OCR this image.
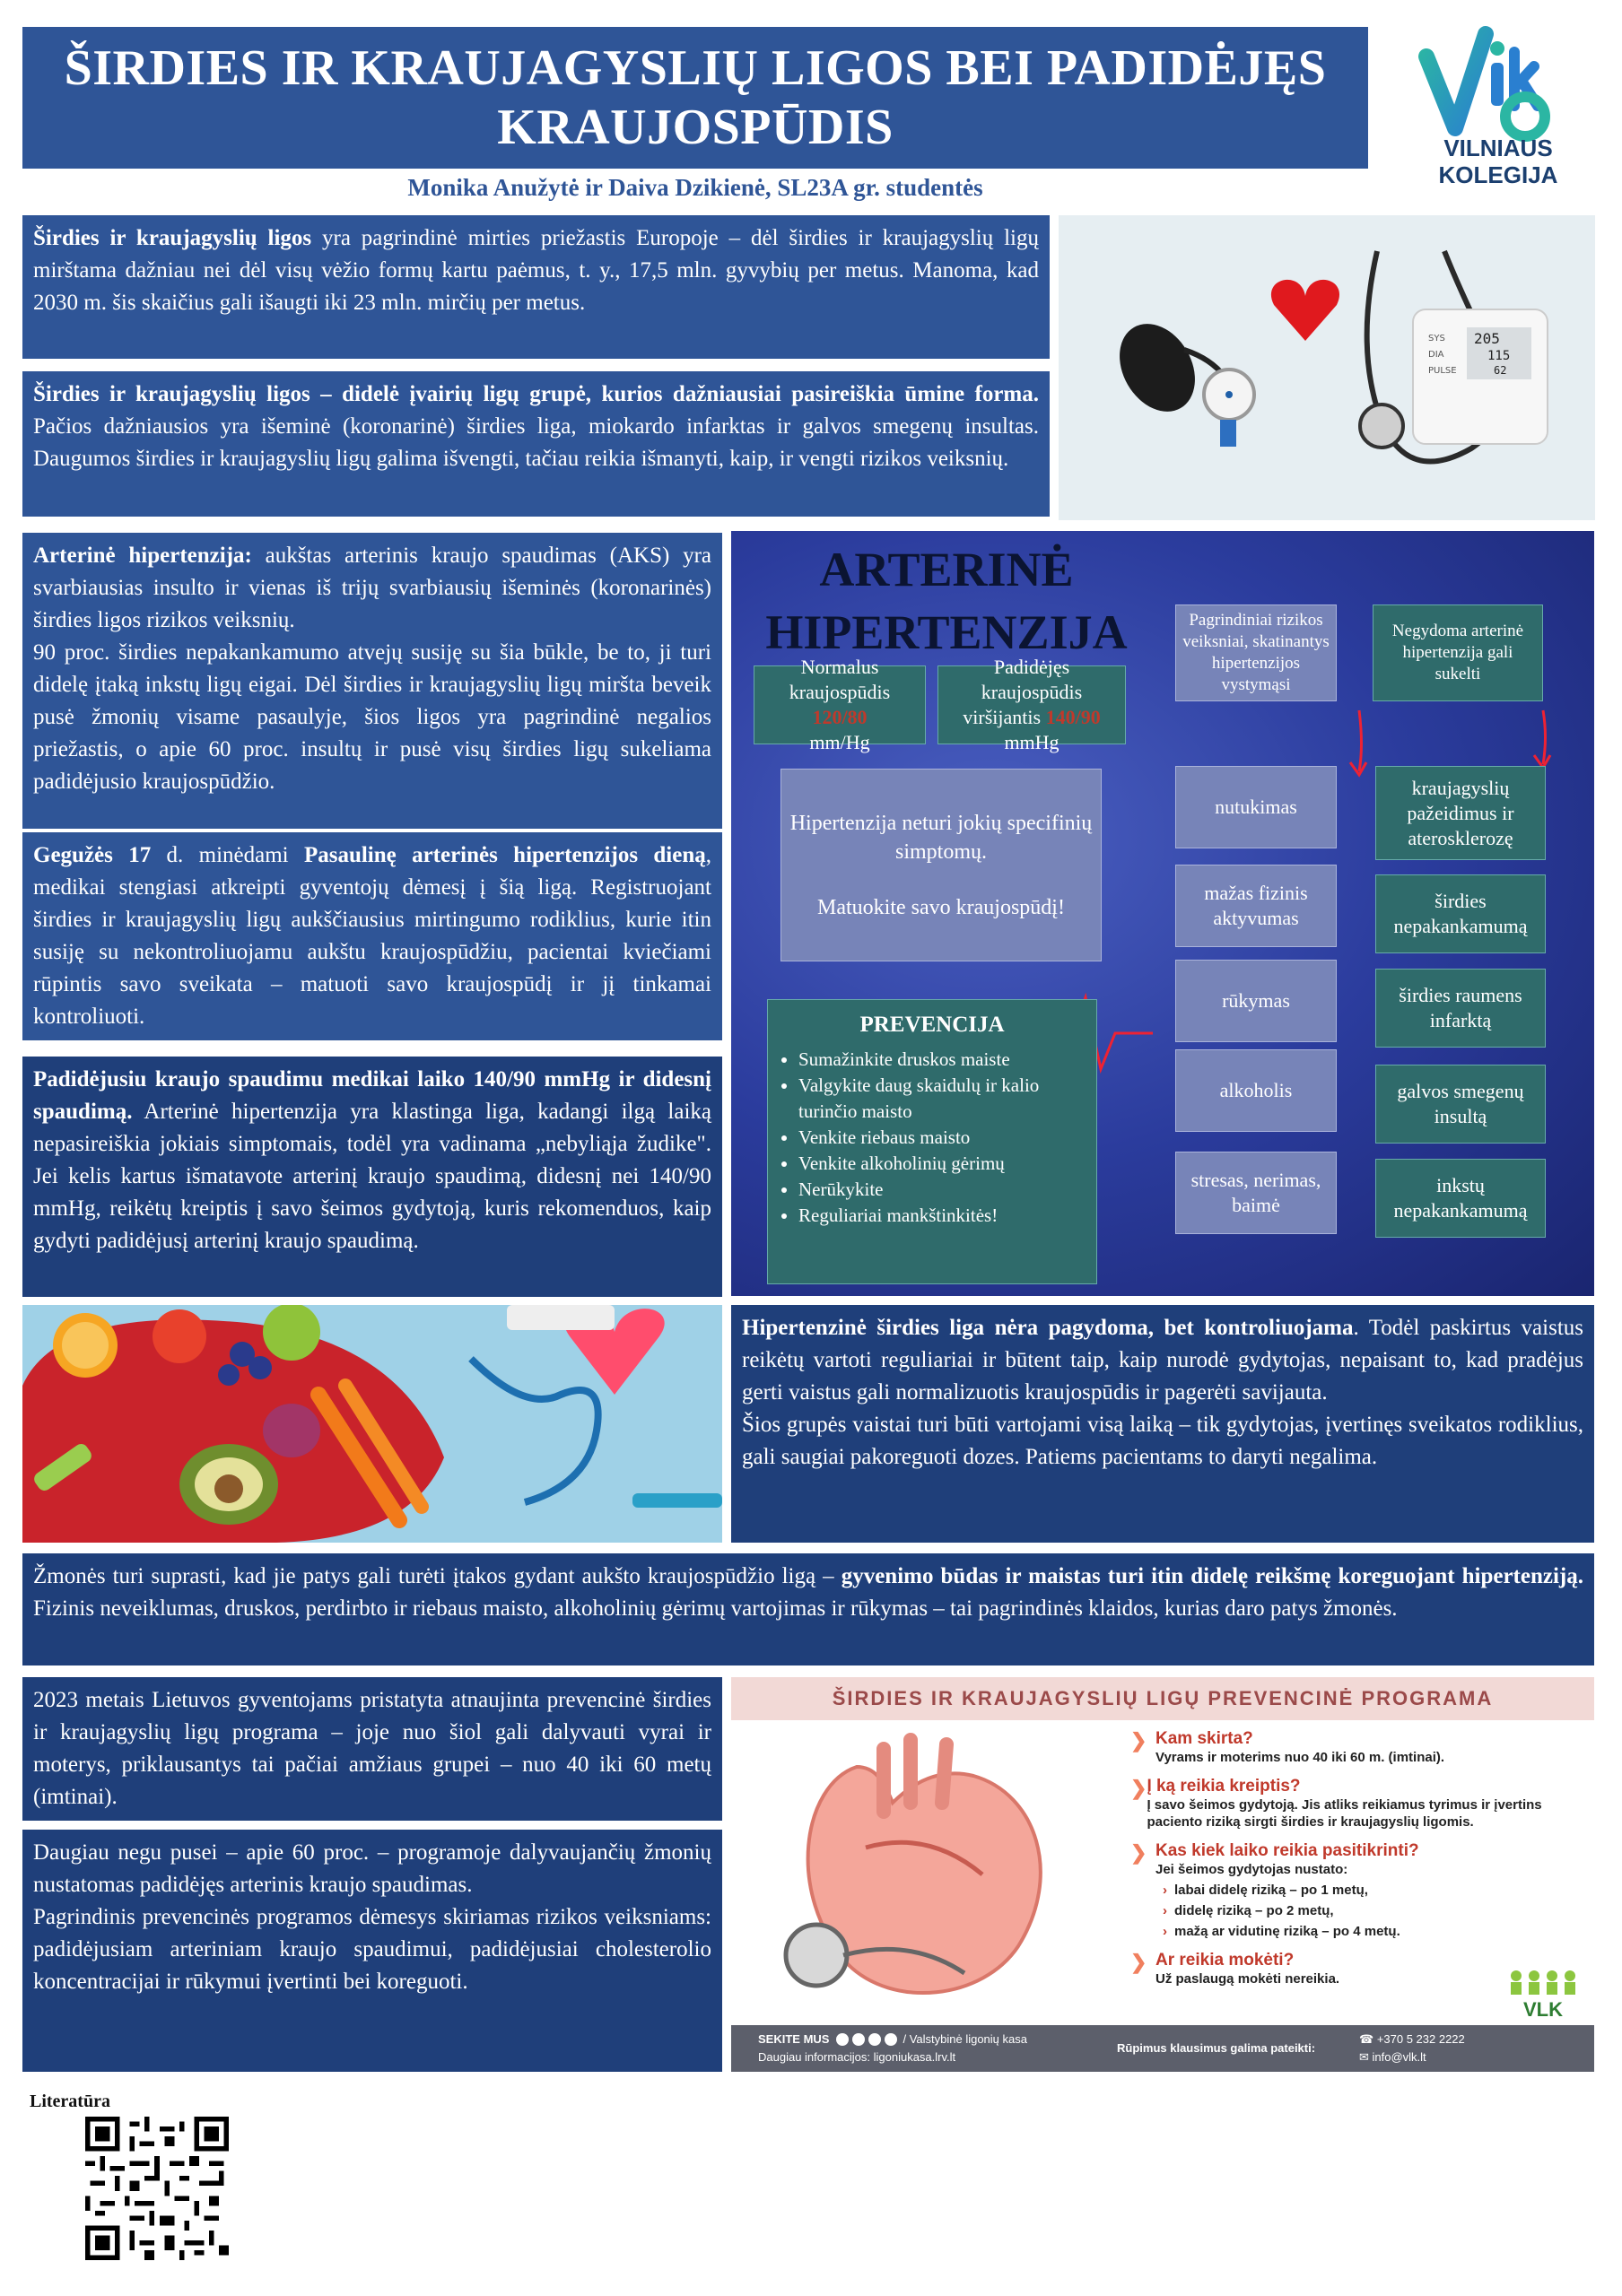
ŠIRDIES IR KRAUJAGYSLIŲ LIGOS BEI PADIDĖJĘS KRAUJOSPŪDIS
Monika Anužytė ir Daiva Dzikienė, SL23A gr. studentės
VILNIAUS
KOLEGIJA
Širdies ir kraujagyslių ligos yra pagrindinė mirties priežastis Europoje – dėl širdies ir kraujagyslių ligų mirštama dažniau nei dėl visų vėžio formų kartu paėmus, t. y., 17,5 mln. gyvybių per metus. Manoma, kad 2030 m. šis skaičius gali išaugti iki 23 mln. mirčių per metus.
SYS
DIA
PULSE
205
115
62
Širdies ir kraujagyslių ligos – didelė įvairių ligų grupė, kurios dažniausiai pasireiškia ūmine forma. Pačios dažniausios yra išeminė (koronarinė) širdies liga, miokardo infarktas ir galvos smegenų insultas. Daugumos širdies ir kraujagyslių ligų galima išvengti, tačiau reikia išmanyti, kaip, ir vengti rizikos veiksnių.
Arterinė hipertenzija: aukštas arterinis kraujo spaudimas (AKS) yra svarbiausias insulto ir vienas iš trijų svarbiausių išeminės (koronarinės) širdies ligos rizikos veiksnių.
90 proc. širdies nepakankamumo atvejų susiję su šia būkle, be to, ji turi didelę įtaką inkstų ligų eigai. Dėl širdies ir kraujagyslių ligų miršta beveik pusė žmonių visame pasaulyje, šios ligos yra pagrindinė negalios priežastis, o apie 60 proc. insultų ir pusė visų širdies ligų sukeliama padidėjusio kraujospūdžio.
Gegužės 17 d. minėdami Pasaulinę arterinės hipertenzijos dieną, medikai stengiasi atkreipti gyventojų dėmesį į šią ligą. Registruojant širdies ir kraujagyslių ligų aukščiausius mirtingumo rodiklius, kurie itin susiję su nekontroliuojamu aukštu kraujospūdžiu, pacientai kviečiami rūpintis savo sveikata – matuoti savo kraujospūdį ir jį tinkamai kontroliuoti.
Padidėjusiu kraujo spaudimu medikai laiko 140/90 mmHg ir didesnį spaudimą. Arterinė hipertenzija yra klastinga liga, kadangi ilgą laiką nepasireiškia jokiais simptomais, todėl yra vadinama „nebyliąja žudike". Jei kelis kartus išmatavote arterinį kraujo spaudimą, didesnį nei 140/90 mmHg, reikėtų kreiptis į savo šeimos gydytoją, kuris rekomenduos, kaip gydyti padidėjusį arterinį kraujo spaudimą.
ARTERINĖ
HIPERTENZIJA
Normalus kraujospūdis 120/80
mm/Hg
Padidėjęs kraujospūdis viršijantis 140/90
mmHg
Hipertenzija neturi jokių specifinių simptomų.
Matuokite savo kraujospūdį!
Pagrindiniai rizikos veiksniai, skatinantys hipertenzijos vystymąsi
Negydoma arterinė hipertenzija gali sukelti
PREVENCIJA
• Sumažinkite druskos maiste
• Valgykite daug skaidulų ir kalio turinčio maisto
• Venkite riebaus maisto
• Venkite alkoholinių gėrimų
• Nerūkykite
• Reguliariai mankštinkitės!
nutukimas
mažas fizinis aktyvumas
rūkymas
alkoholis
stresas, nerimas, baimė
kraujagyslių pažeidimus ir aterosklerozę
širdies nepakankamumą
širdies raumens infarktą
galvos smegenų insultą
inkstų nepakankamumą
Hipertenzinė širdies liga nėra pagydoma, bet kontroliuojama. Todėl paskirtus vaistus reikėtų vartoti reguliariai ir būtent taip, kaip nurodė gydytojas, nepaisant to, kad pradėjus gerti vaistus gali normalizuotis kraujospūdis ir pagerėti savijauta.
Šios grupės vaistai turi būti vartojami visą laiką – tik gydytojas, įvertinęs sveikatos rodiklius, gali saugiai pakoreguoti dozes. Patiems pacientams to daryti negalima.
Žmonės turi suprasti, kad jie patys gali turėti įtakos gydant aukšto kraujospūdžio ligą – gyvenimo būdas ir maistas turi itin didelę reikšmę koreguojant hipertenziją. Fizinis neveiklumas, druskos, perdirbto ir riebaus maisto, alkoholinių gėrimų vartojimas ir rūkymas – tai pagrindinės klaidos, kurias daro patys žmonės.
2023 metais Lietuvos gyventojams pristatyta atnaujinta prevencinė širdies ir kraujagyslių ligų programa – joje nuo šiol gali dalyvauti vyrai ir moterys, priklausantys tai pačiai amžiaus grupei – nuo 40 iki 60 metų (imtinai).
Daugiau negu pusei – apie 60 proc. – programoje dalyvaujančių žmonių nustatomas padidėjęs arterinis kraujo spaudimas.
Pagrindinis prevencinės programos dėmesys skiriamas rizikos veiksniams: padidėjusiam arteriniam kraujo spaudimui, padidėjusiai cholesterolio koncentracijai ir rūkymui įvertinti bei koreguoti.
ŠIRDIES IR KRAUJAGYSLIŲ LIGŲ PREVENCINĖ PROGRAMA
❯ Kam skirta?
Vyrams ir moterims nuo 40 iki 60 m. (imtinai).
❯ Į ką reikia kreiptis?
Į savo šeimos gydytoją. Jis atliks reikiamus tyrimus ir įvertins paciento riziką sirgti širdies ir kraujagyslių ligomis.
❯ Kas kiek laiko reikia pasitikrinti?
Jei šeimos gydytojas nustato:
› labai didelę riziką – po 1 metų,
› didelę riziką – po 2 metų,
› mažą ar vidutinę riziką – po 4 metų.
❯ Ar reikia mokėti?
Už paslaugą mokėti nereikia.
VLK
SEKITE MUS	/ Valstybinė ligonių kasa
Daugiau informacijos: ligoniukasa.lrv.lt
Rūpimus klausimus galima pateikti:
☎ +370 5 232 2222
✉ info@vlk.lt
Literatūra
